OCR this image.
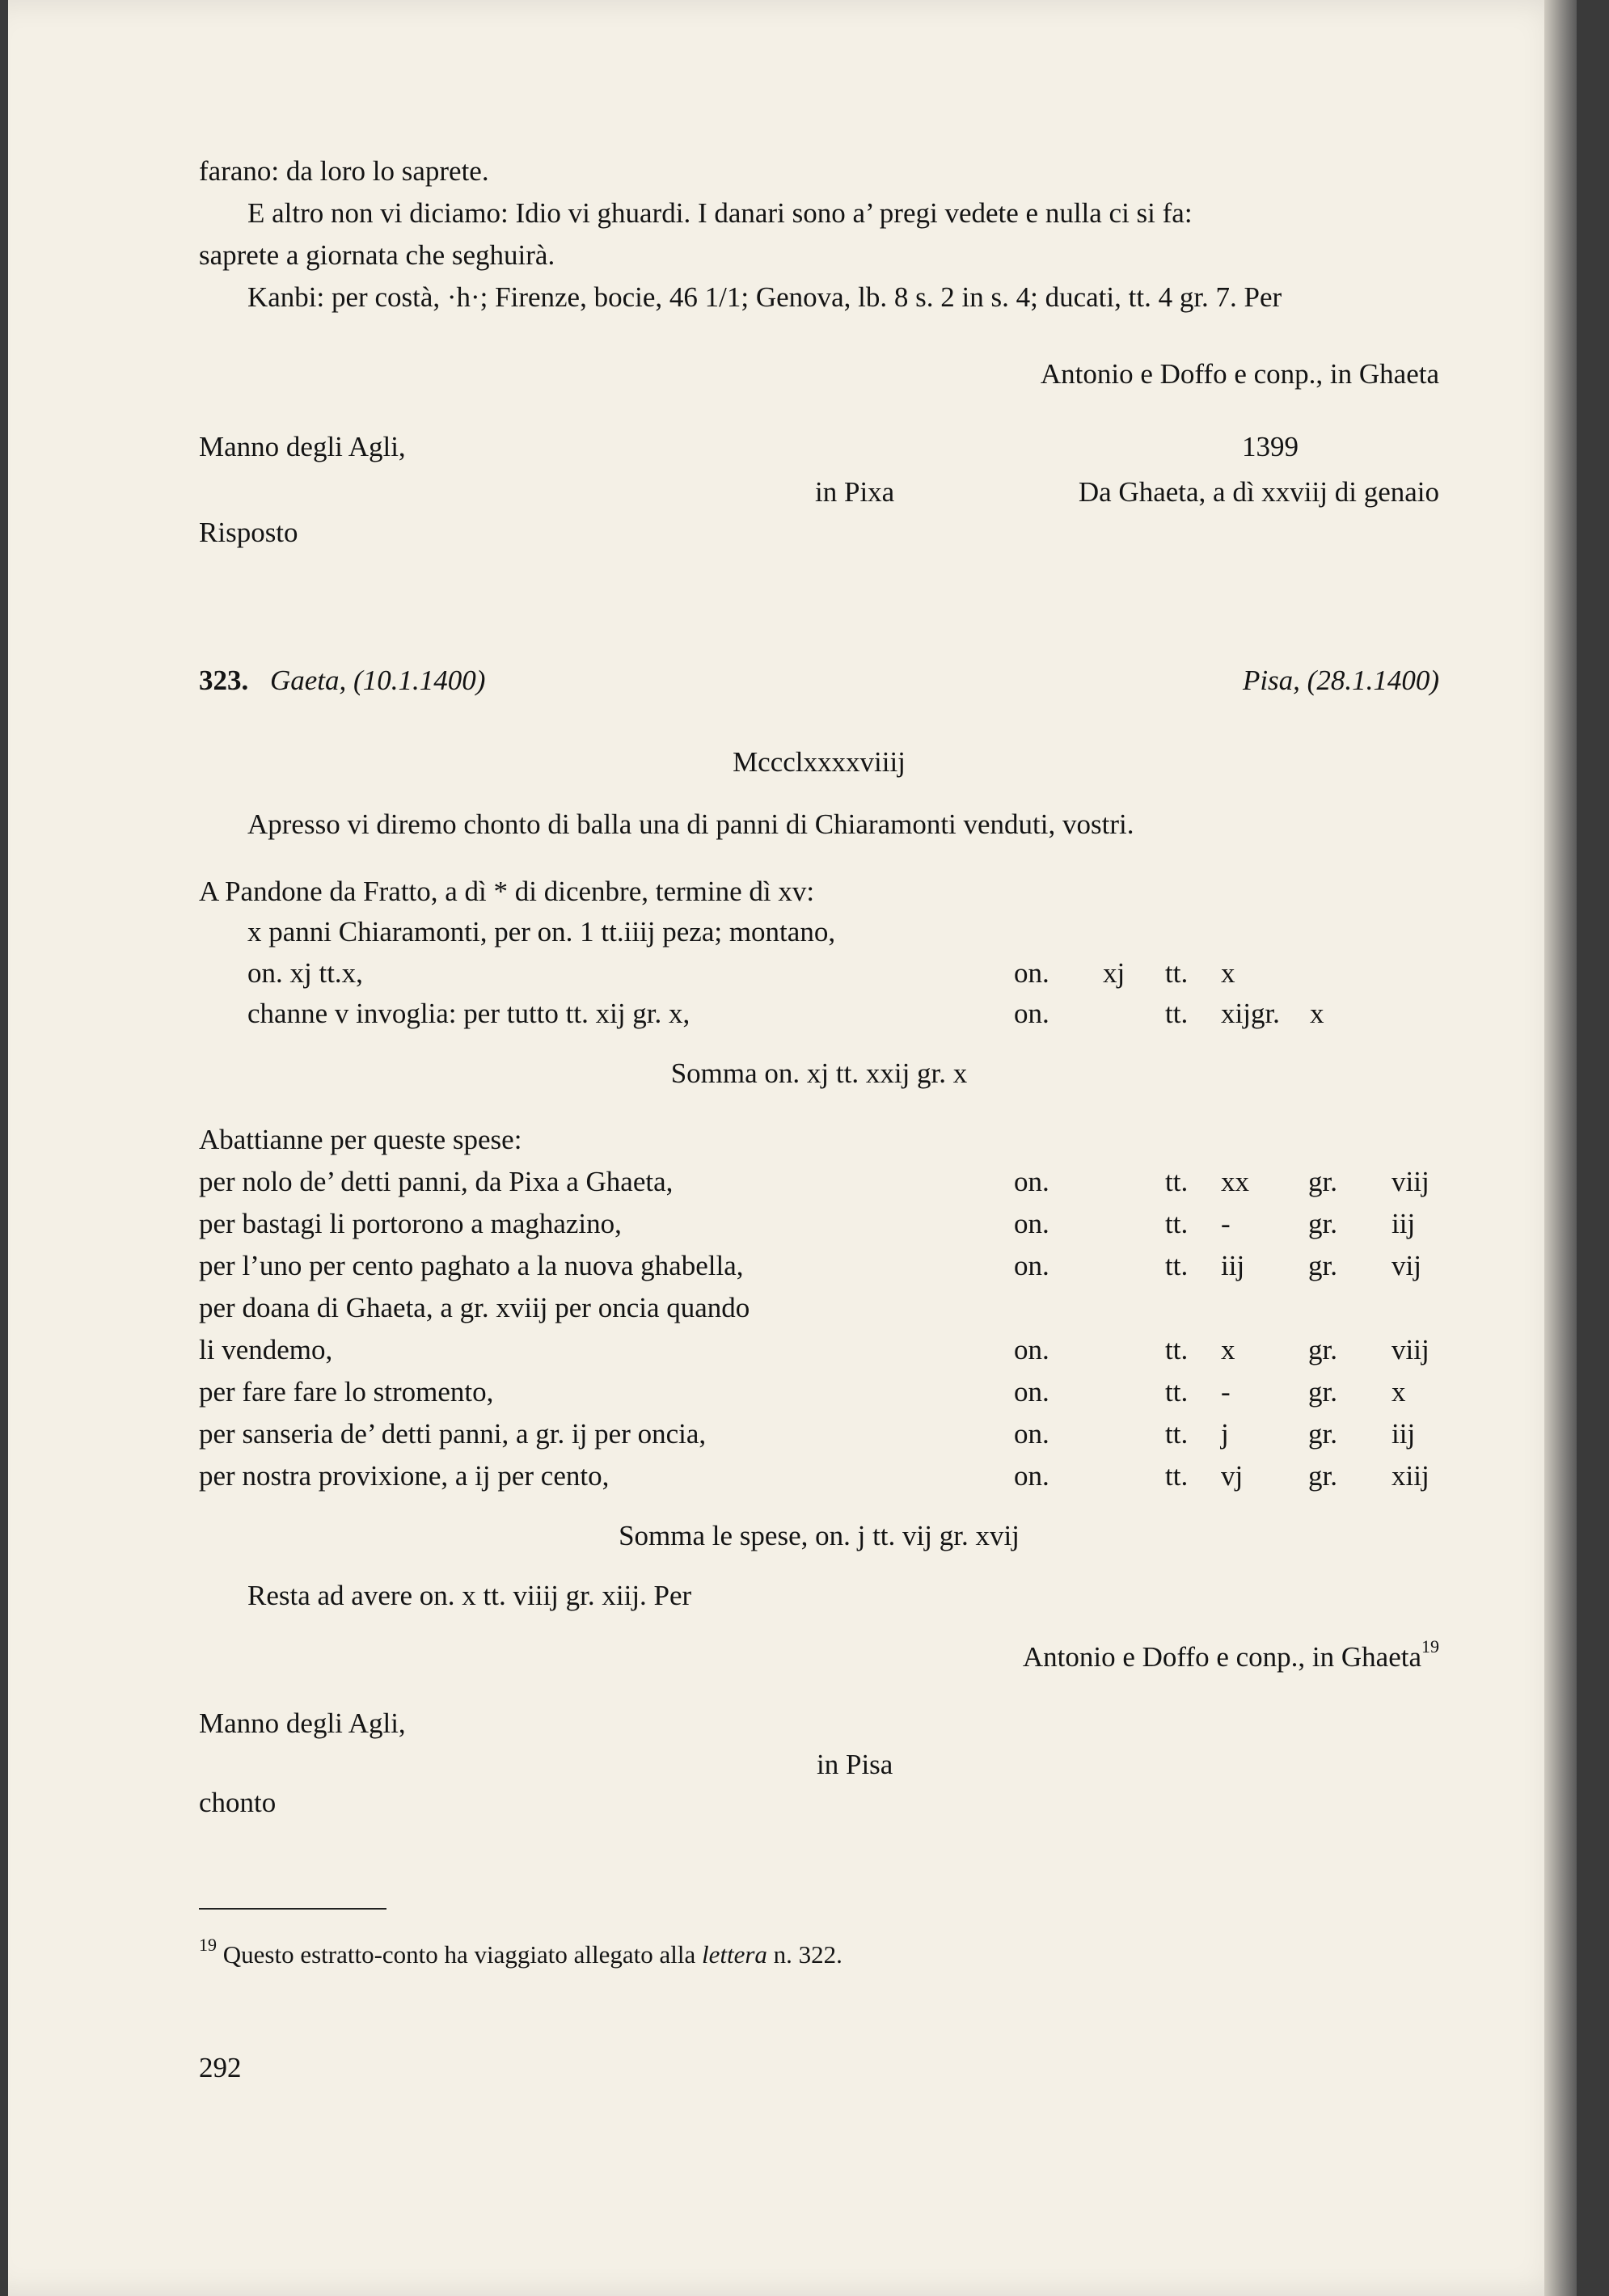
farano: da loro lo saprete.
E altro non vi diciamo: Idio vi ghuardi. I danari sono a’ pregi vedete e nulla ci si fa:
saprete a giornata che seghuirà.
Kanbi: per costà, ·h·; Firenze, bocie, 46 1/1; Genova, lb. 8 s. 2 in s. 4; ducati, tt. 4 gr. 7. Per
Antonio e Doffo e conp., in Ghaeta
Manno degli Agli,	1399
in Pixa	Da Ghaeta, a dì xxviij di genaio
Risposto
323. Gaeta, (10.1.1400)	Pisa, (28.1.1400)
Mccclxxxxviiij
Apresso vi diremo chonto di balla una di panni di Chiaramonti venduti, vostri.
A Pandone da Fratto, a dì * di dicenbre, termine dì xv:
x panni Chiaramonti, per on. 1 tt.iiij peza; montano,
on. xj tt.x,	on. xj tt. x
channe v invoglia: per tutto tt. xij gr. x,	on.	tt. xijgr. x
Somma on. xj tt. xxij gr. x
Abattianne per queste spese:
per nolo de’ detti panni, da Pixa a Ghaeta,	on.	tt. xx gr. viij
per bastagi li portorono a maghazino,	on.	tt. -	gr. iij
per l’uno per cento paghato a la nuova ghabella,	on.	tt. iij gr. vij
per doana di Ghaeta, a gr. xviij per oncia quando
li vendemo,	on.	tt. x	gr. viij
per fare fare lo stromento,	on.	tt. -	gr. x
per sanseria de’ detti panni, a gr. ij per oncia,	on.	tt. j	gr. iij
per nostra provixione, a ij per cento,	on.	tt. vj gr. xiij
Somma le spese, on. j tt. vij gr. xvij
Resta ad avere on. x tt. viiij gr. xiij. Per
Antonio e Doffo e conp., in Ghaeta$^{19}$
Manno degli Agli,
in Pisa
chonto
$^{19}$ Questo estratto-conto ha viaggiato allegato alla lettera n. 322.
292
